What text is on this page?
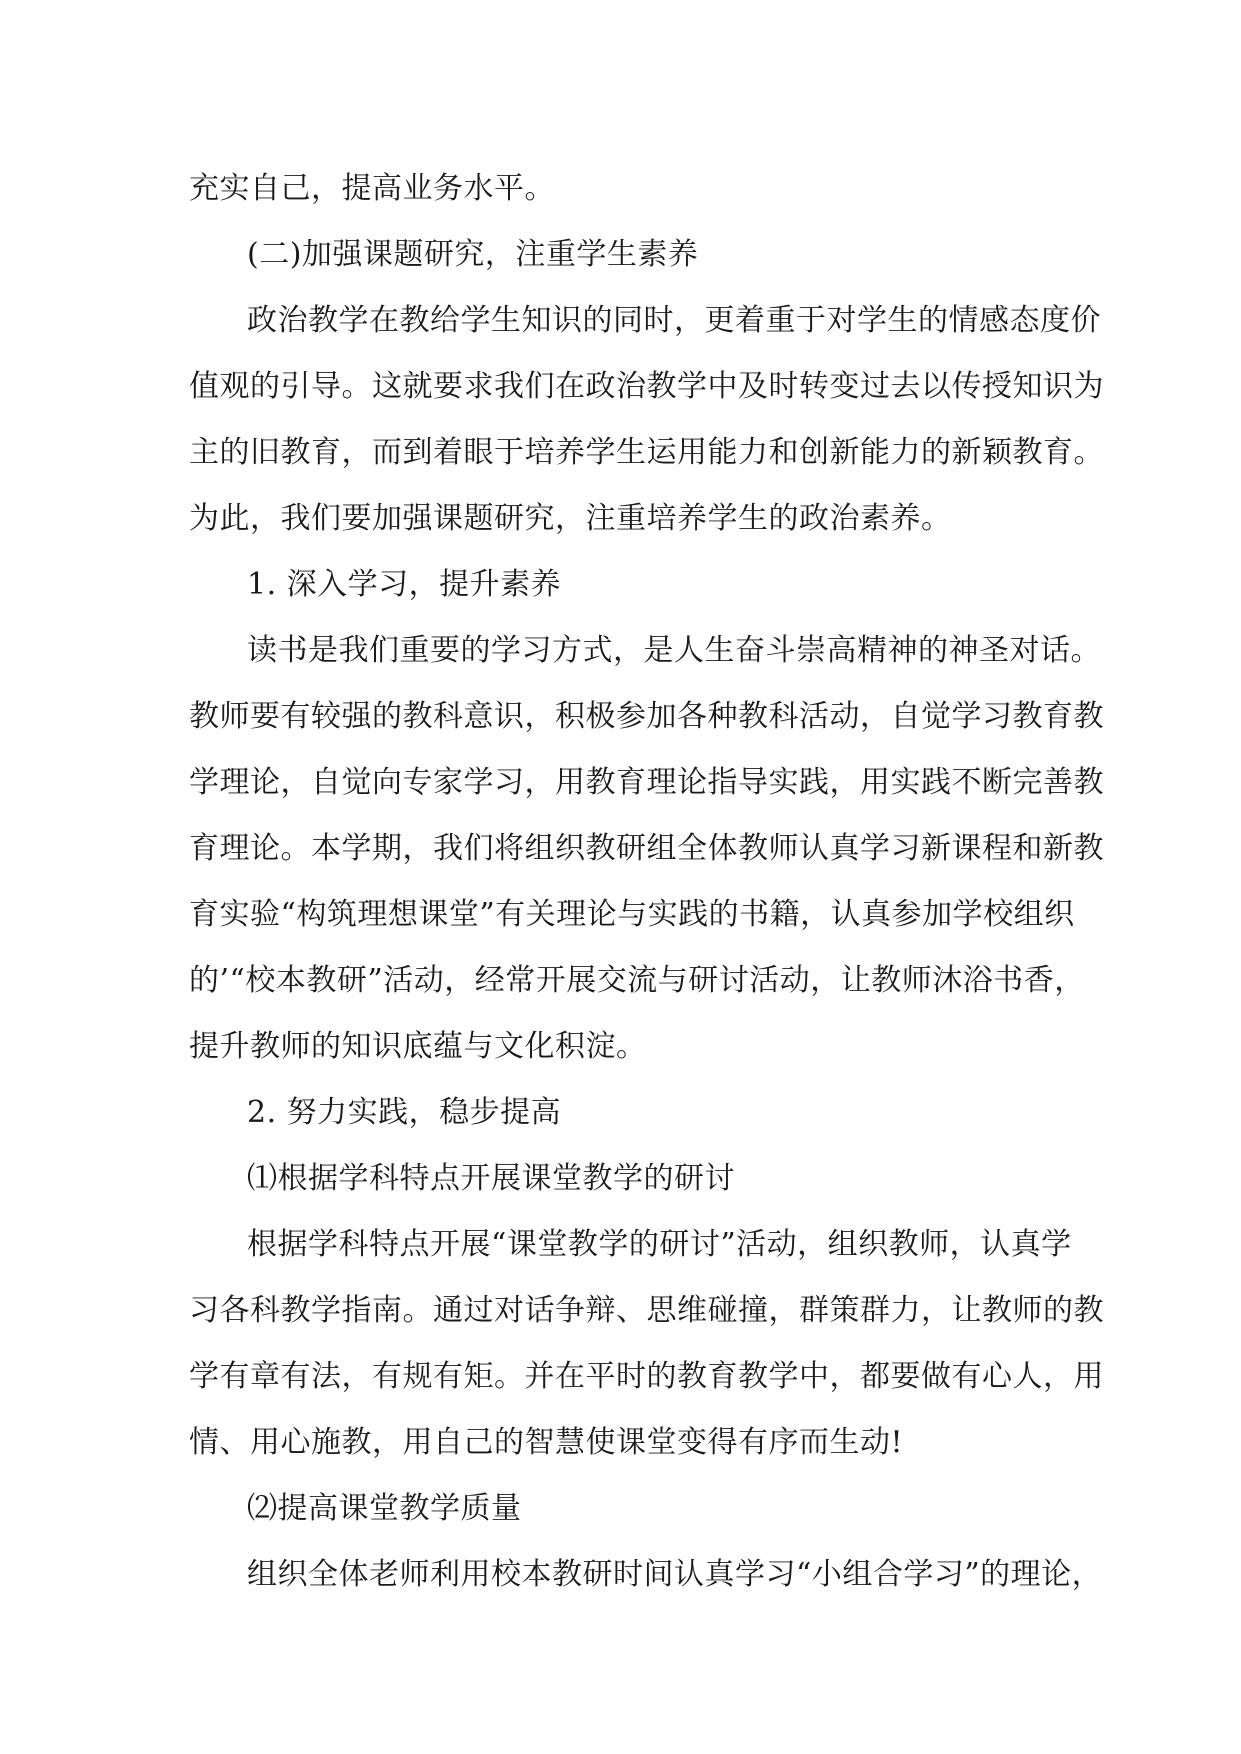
充实自己，提高业务水平。
(二)加强课题研究，注重学生素养
政治教学在教给学生知识的同时，更着重于对学生的情感态度价
值观的引导。这就要求我们在政治教学中及时转变过去以传授知识为
主的旧教育，而到着眼于培养学生运用能力和创新能力的新颖教育。
为此，我们要加强课题研究，注重培养学生的政治素养。
1. 深入学习，提升素养
读书是我们重要的学习方式，是人生奋斗崇高精神的神圣对话。
教师要有较强的教科意识，积极参加各种教科活动，自觉学习教育教
学理论，自觉向专家学习，用教育理论指导实践，用实践不断完善教
育理论。本学期，我们将组织教研组全体教师认真学习新课程和新教
育实验“构筑理想课堂”有关理论与实践的书籍，认真参加学校组织
的’“校本教研”活动，经常开展交流与研讨活动，让教师沐浴书香，
提升教师的知识底蕴与文化积淀。
2. 努力实践，稳步提高
⑴根据学科特点开展课堂教学的研讨
根据学科特点开展“课堂教学的研讨”活动，组织教师，认真学
习各科教学指南。通过对话争辩、思维碰撞，群策群力，让教师的教
学有章有法，有规有矩。并在平时的教育教学中，都要做有心人，用
情、用心施教，用自己的智慧使课堂变得有序而生动!
⑵提高课堂教学质量
组织全体老师利用校本教研时间认真学习“小组合学习”的理论，
